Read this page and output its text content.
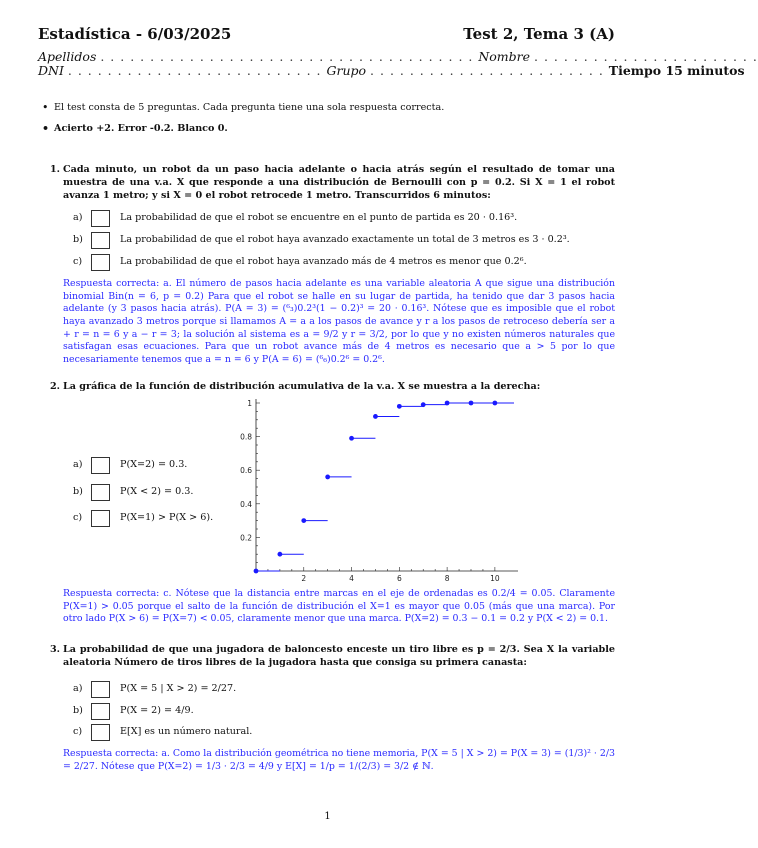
Estadística - 6/03/2025	Test 2, Tema 3 (A)
Apellidos . . . . . . . . . . . . . . . . . . . . . . . . . . . . . . . . . . . . . . Nombre . . . . . . . . . . . . . . . . . . . . . . .
DNI . . . . . . . . . . . . . . . . . . . . . . . . . . Grupo . . . . . . . . . . . . . . . . . . . . . . . . Tiempo 15 minutos
• El test consta de 5 preguntas. Cada pregunta tiene una sola respuesta correcta.
• Acierto +2. Error -0.2. Blanco 0.
1. Cada minuto, un robot da un paso hacia adelante o hacia atrás según el resultado de tomar una muestra de una v.a. X que responde a una distribución de Bernoulli con p = 0.2. Si X = 1 el robot avanza 1 metro; y si X = 0 el robot retrocede 1 metro. Transcurridos 6 minutos:
a)	La probabilidad de que el robot se encuentre en el punto de partida es 20 · 0.16³.
b)	La probabilidad de que el robot haya avanzado exactamente un total de 3 metros es 3 · 0.2³.
c)	La probabilidad de que el robot haya avanzado más de 4 metros es menor que 0.2⁶.
Respuesta correcta: a. El número de pasos hacia adelante es una variable aleatoria A que sigue una distribución binomial Bin(n = 6, p = 0.2) Para que el robot se halle en su lugar de partida, ha tenido que dar 3 pasos hacia adelante (y 3 pasos hacia atrás). P(A = 3) = (⁶₃)0.2³(1 − 0.2)³ = 20 · 0.16³. Nótese que es imposible que el robot haya avanzado 3 metros porque si llamamos A = a a los pasos de avance y r a los pasos de retroceso debería ser a + r = n = 6 y a − r = 3; la solución al sistema es a = 9/2 y r = 3/2, por lo que y no existen números naturales que satisfagan esas ecuaciones. Para que un robot avance más de 4 metros es necesario que a > 5 por lo que necesariamente tenemos que a = n = 6 y P(A = 6) = (⁶₆)0.2⁶ = 0.2⁶.
2. La gráfica de la función de distribución acumulativa de la v.a. X se muestra a la derecha:
a)	P(X=2) = 0.3.
b)	P(X < 2) = 0.3.
c)	P(X=1) > P(X > 6).
0.2
0.4
0.6
0.8
1
2	4	6	8	10
Respuesta correcta: c. Nótese que la distancia entre marcas en el eje de ordenadas es 0.2/4 = 0.05. Claramente P(X=1) > 0.05 porque el salto de la función de distribución el X=1 es mayor que 0.05 (más que una marca). Por otro lado P(X > 6) = P(X=7) < 0.05, claramente menor que una marca. P(X=2) = 0.3 − 0.1 = 0.2 y P(X < 2) = 0.1.
3. La probabilidad de que una jugadora de baloncesto enceste un tiro libre es p = 2/3. Sea X la variable aleatoria Número de tiros libres de la jugadora hasta que consiga su primera canasta:
a)	P(X = 5 | X > 2) = 2/27.
b)	P(X = 2) = 4/9.
c)	E[X] es un número natural.
Respuesta correcta: a. Como la distribución geométrica no tiene memoria, P(X = 5 | X > 2) = P(X = 3) = (1/3)² · 2/3 = 2/27. Nótese que P(X=2) = 1/3 · 2/3 = 4/9 y E[X] = 1/p = 1/(2/3) = 3/2 ∉ ℕ.
1
